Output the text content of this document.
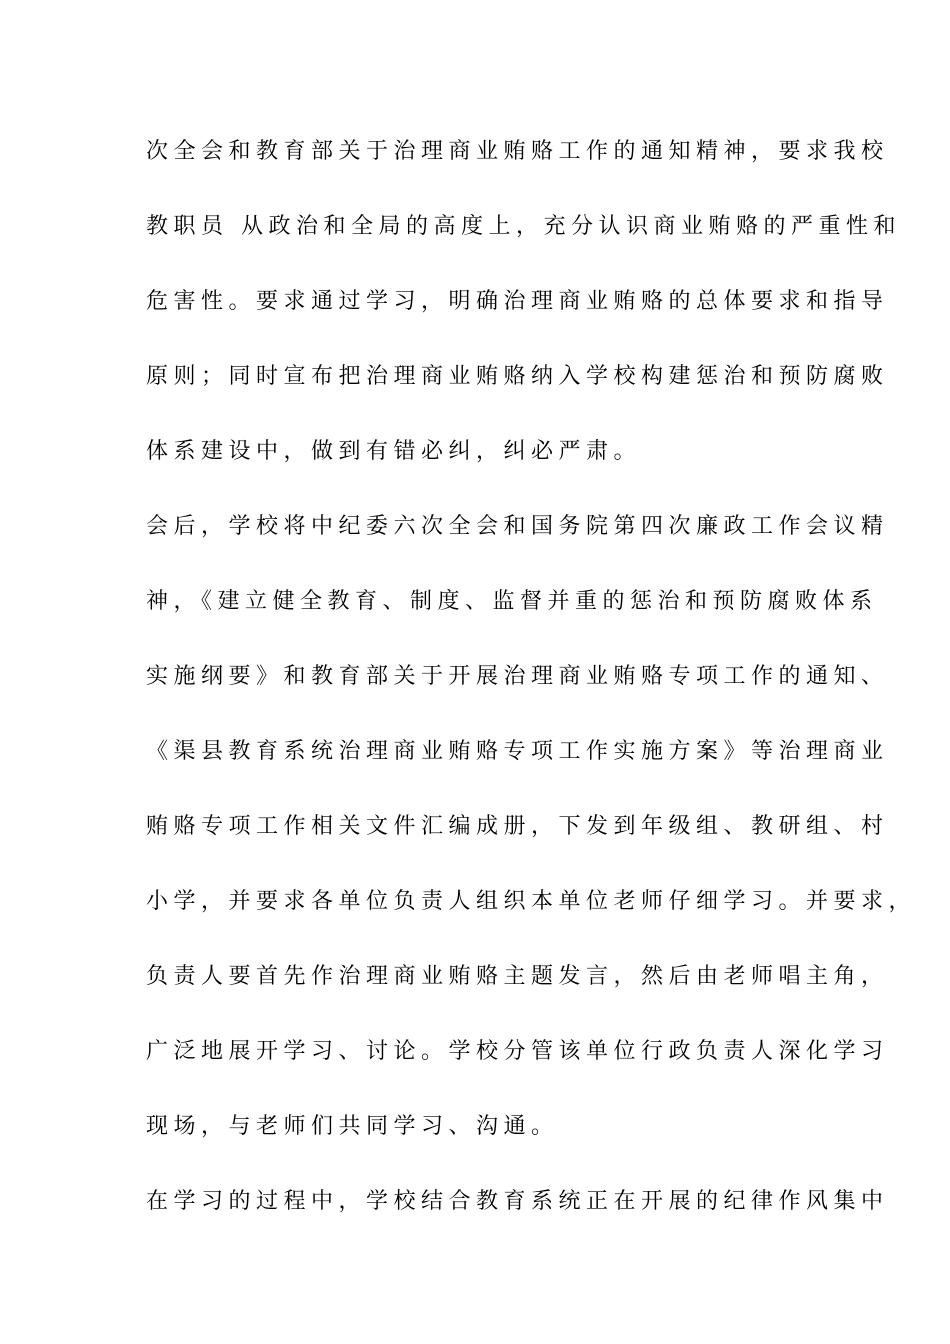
次全会和教育部关于治理商业贿赂工作的通知精神，要求我校
教职员 从政治和全局的高度上，充分认识商业贿赂的严重性和
危害性。要求通过学习，明确治理商业贿赂的总体要求和指导
原则；同时宣布把治理商业贿赂纳入学校构建惩治和预防腐败
体系建设中，做到有错必纠，纠必严肃。
会后，学校将中纪委六次全会和国务院第四次廉政工作会议精
神，《建立健全教育、制度、监督并重的惩治和预防腐败体系
实施纲要》和教育部关于开展治理商业贿赂专项工作的通知、
《渠县教育系统治理商业贿赂专项工作实施方案》等治理商业
贿赂专项工作相关文件汇编成册，下发到年级组、教研组、村
小学，并要求各单位负责人组织本单位老师仔细学习。并要求，
负责人要首先作治理商业贿赂主题发言，然后由老师唱主角，
广泛地展开学习、讨论。学校分管该单位行政负责人深化学习
现场，与老师们共同学习、沟通。
在学习的过程中，学校结合教育系统正在开展的纪律作风集中
